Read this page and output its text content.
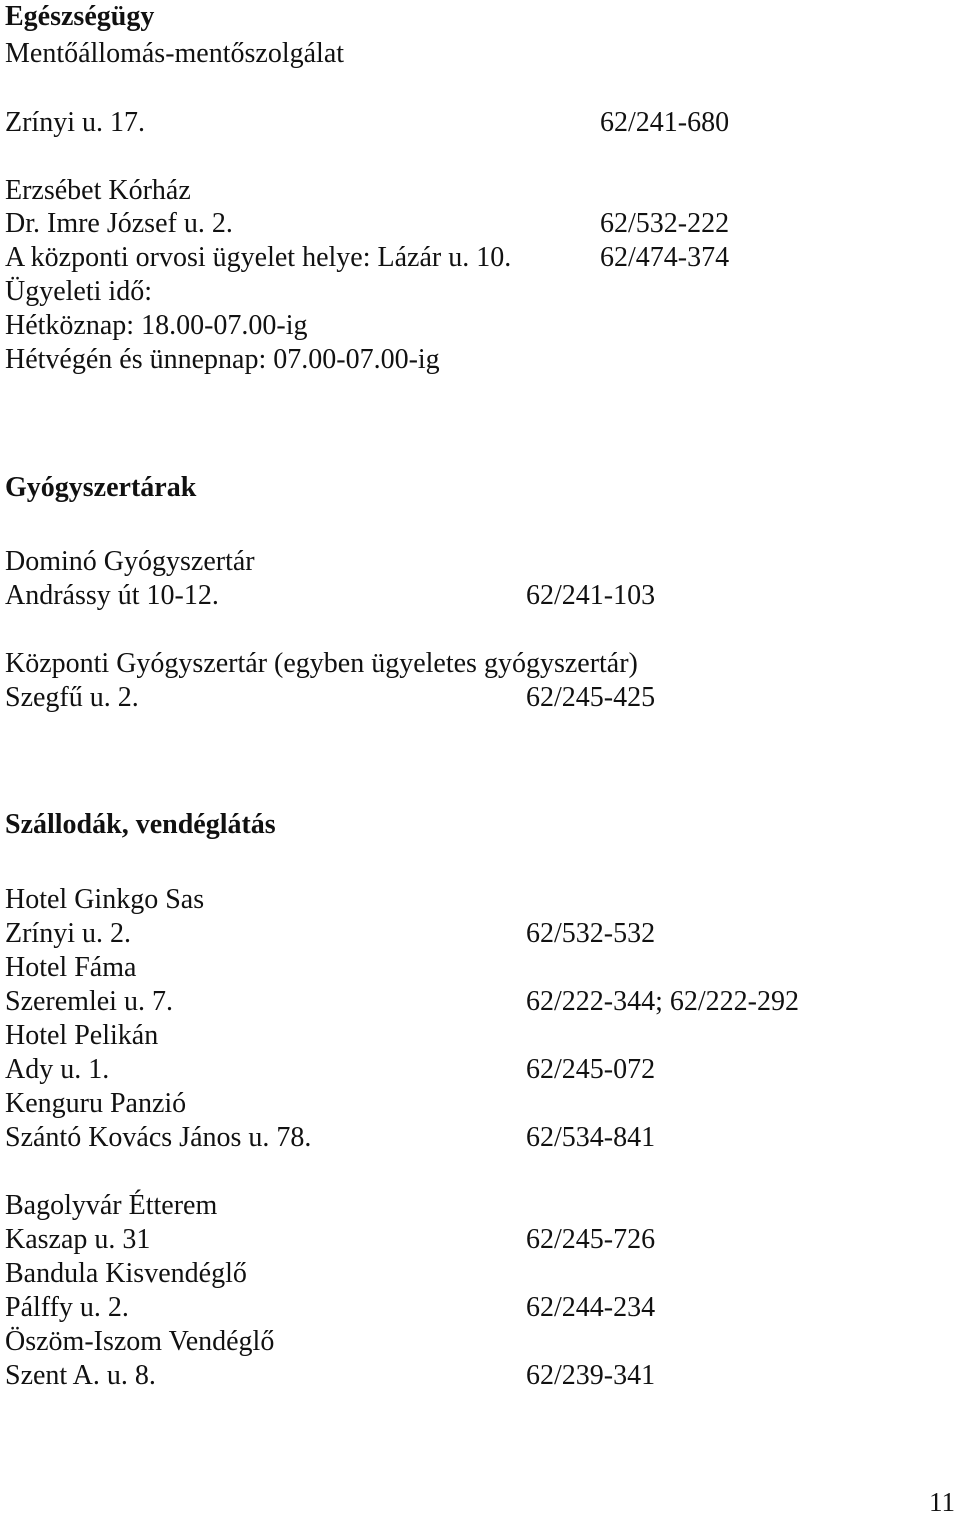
Egészségügy
Mentőállomás-mentőszolgálat
Zrínyi u. 17.	62/241-680
Erzsébet Kórház
Dr. Imre József u. 2.	62/532-222
A központi orvosi ügyelet helye: Lázár u. 10.	62/474-374
Ügyeleti idő:
Hétköznap: 18.00-07.00-ig
Hétvégén és ünnepnap: 07.00-07.00-ig
Gyógyszertárak
Dominó Gyógyszertár
Andrássy út 10-12.	62/241-103
Központi Gyógyszertár (egyben ügyeletes gyógyszertár)
Szegfű u. 2.	62/245-425
Szállodák, vendéglátás
Hotel Ginkgo Sas
Zrínyi u. 2.	62/532-532
Hotel Fáma
Szeremlei u. 7.	62/222-344; 62/222-292
Hotel Pelikán
Ady u. 1.	62/245-072
Kenguru Panzió
Szántó Kovács János u. 78.	62/534-841
Bagolyvár Étterem
Kaszap u. 31	62/245-726
Bandula Kisvendéglő
Pálffy u. 2.	62/244-234
Öszöm-Iszom Vendéglő
Szent A. u. 8.	62/239-341
11
